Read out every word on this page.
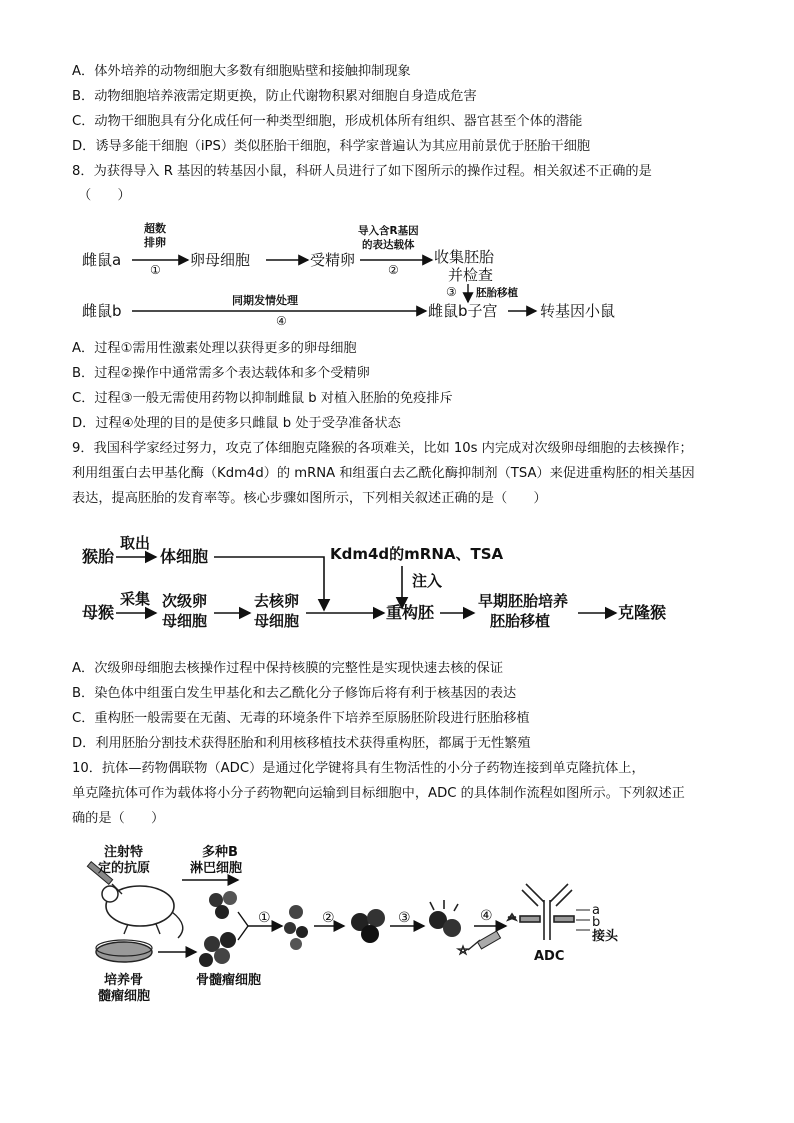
A．体外培养的动物细胞大多数有细胞贴壁和接触抑制现象
B．动物细胞培养液需定期更换，防止代谢物积累对细胞自身造成危害
C．动物干细胞具有分化成任何一种类型细胞，形成机体所有组织、器官甚至个体的潜能
D．诱导多能干细胞（iPS）类似胚胎干细胞，科学家普遍认为其应用前景优于胚胎干细胞
8．为获得导入 R 基因的转基因小鼠，科研人员进行了如下图所示的操作过程。相关叙述不正确的是
（　　）
雌鼠a
超数
排卵
①
卵母细胞	受精卵
导入含R基因
的表达载体
②
收集胚胎
并检查
③ 胚胎移植
雌鼠b
同期发情处理
④
雌鼠b子宫	转基因小鼠
A．过程①需用性激素处理以获得更多的卵母细胞
B．过程②操作中通常需多个表达载体和多个受精卵
C．过程③一般无需使用药物以抑制雌鼠 b 对植入胚胎的免疫排斥
D．过程④处理的目的是使多只雌鼠 b 处于受孕准备状态
9．我国科学家经过努力，攻克了体细胞克隆猴的各项难关，比如 10s 内完成对次级卵母细胞的去核操作；
利用组蛋白去甲基化酶（Kdm4d）的 mRNA 和组蛋白去乙酰化酶抑制剂（TSA）来促进重构胚的相关基因
表达，提高胚胎的发育率等。核心步骤如图所示，下列相关叙述正确的是（　　）
猴胎
取出
体细胞	Kdm4d的mRNA、TSA
注入
母猴
采集 次级卵
母细胞
去核卵
母细胞	重构胚
早期胚胎培养
胚胎移植	克隆猴
A．次级卵母细胞去核操作过程中保持核膜的完整性是实现快速去核的保证
B．染色体中组蛋白发生甲基化和去乙酰化分子修饰后将有利于核基因的表达
C．重构胚一般需要在无菌、无毒的环境条件下培养至原肠胚阶段进行胚胎移植
D．利用胚胎分割技术获得胚胎和利用核移植技术获得重构胚，都属于无性繁殖
10．抗体—药物偶联物（ADC）是通过化学键将具有生物活性的小分子药物连接到单克隆抗体上，
单克隆抗体可作为载体将小分子药物靶向运输到目标细胞中，ADC 的具体制作流程如图所示。下列叙述正
确的是（　　）
注射特
定的抗原
多种B
淋巴细胞
培养骨
髓瘤细胞
骨髓瘤细胞
①	②	③	④	a
b
接头
ADC
